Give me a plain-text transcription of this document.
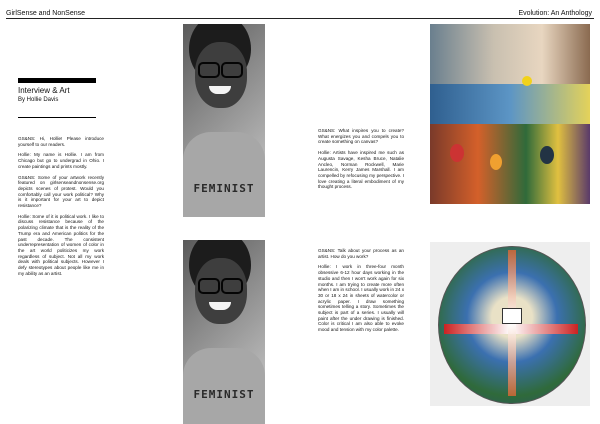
GirlSense and NonSense	Evolution: An Anthology
Interview & Art
By Hollie Davis

GS&NS: Hi, Hollie! Please introduce yourself to our readers.

Hollie: My name is Hollie. I am from Chicago but go to undergrad in Ohio. I create paintings and prints mostly.

GS&NS: Some of your artwork recently featured on girlsenseandnonsense.org depicts scenes of protest. Would you comfortably call your work political? Why is it important for your art to depict resistance?

Hollie: Some of it is political work. I like to discuss resistance because of the polarizing climate that is the reality of the Trump era and American politics for the past decade. The consistent underrepresentation of women of color in the art world politicizes my work regardless of subject. Not all my work deals with political subjects. However I defy stereotypes about people like me in my ability as an artist.

FEMINIST
FEMINIST

GS&NS: What inspires you to create? What energizes you and compels you to create something on canvas?

Hollie: Artists have inspired me such as Augusta Savage, Kesha Bruce, Natalie Ancleo, Norman Rockwell, Marie Laurencin, Kerry James Marshall. I am compelled by refocusing my perspective. I love creating a literal embodiment of my thought process.

GS&NS: Talk about your process as an artist. How do you work?

Hollie: I work in three-four month obsessive 6-12 hour days working in the studio and then I won't work again for six months. I am trying to create more often when I am in school. I usually work in 24 x 30 or 18 x 24 in sheets of watercolor or acrylic paper. I draw something sometimes telling a story. Sometimes the subject is part of a series. I usually will paint after the under drawing is finished. Color is critical I am also able to evoke mood and tension with my color palette.
